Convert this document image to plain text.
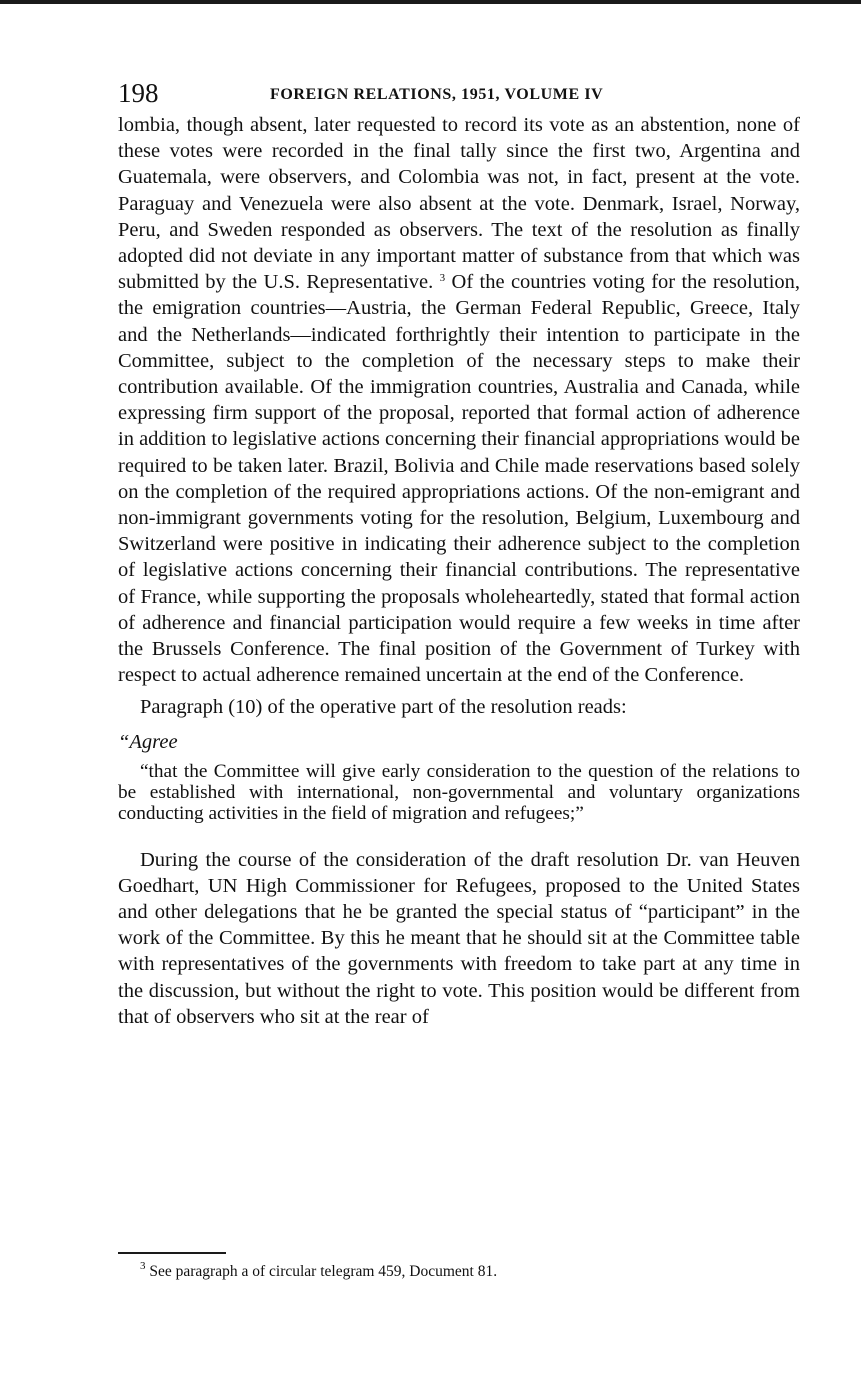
198	FOREIGN RELATIONS, 1951, VOLUME IV

lombia, though absent, later requested to record its vote as an abstention, none of these votes were recorded in the final tally since the first two, Argentina and Guatemala, were observers, and Colombia was not, in fact, present at the vote. Paraguay and Venezuela were also absent at the vote. Denmark, Israel, Norway, Peru, and Sweden responded as observers. The text of the resolution as finally adopted did not deviate in any important matter of substance from that which was submitted by the U.S. Representative. $^3$ Of the countries voting for the resolution, the emigration countries—Austria, the German Federal Republic, Greece, Italy and the Netherlands—indicated forthrightly their intention to participate in the Committee, subject to the completion of the necessary steps to make their contribution available. Of the immigration countries, Australia and Canada, while expressing firm support of the proposal, reported that formal action of adherence in addition to legislative actions concerning their financial appropriations would be required to be taken later. Brazil, Bolivia and Chile made reservations based solely on the completion of the required appropriations actions. Of the non-emigrant and non-immigrant governments voting for the resolution, Belgium, Luxembourg and Switzerland were positive in indicating their adherence subject to the completion of legislative actions concerning their financial contributions. The representative of France, while supporting the proposals wholeheartedly, stated that formal action of adherence and financial participation would require a few weeks in time after the Brussels Conference. The final position of the Government of Turkey with respect to actual adherence remained uncertain at the end of the Conference.

Paragraph (10) of the operative part of the resolution reads:

“Agree

“that the Committee will give early consideration to the question of the relations to be established with international, non-governmental and voluntary organizations conducting activities in the field of migration and refugees;”

During the course of the consideration of the draft resolution Dr. van Heuven Goedhart, UN High Commissioner for Refugees, proposed to the United States and other delegations that he be granted the special status of “participant” in the work of the Committee. By this he meant that he should sit at the Committee table with representatives of the governments with freedom to take part at any time in the discussion, but without the right to vote. This position would be different from that of observers who sit at the rear of

$^3$ See paragraph a of circular telegram 459, Document 81.
